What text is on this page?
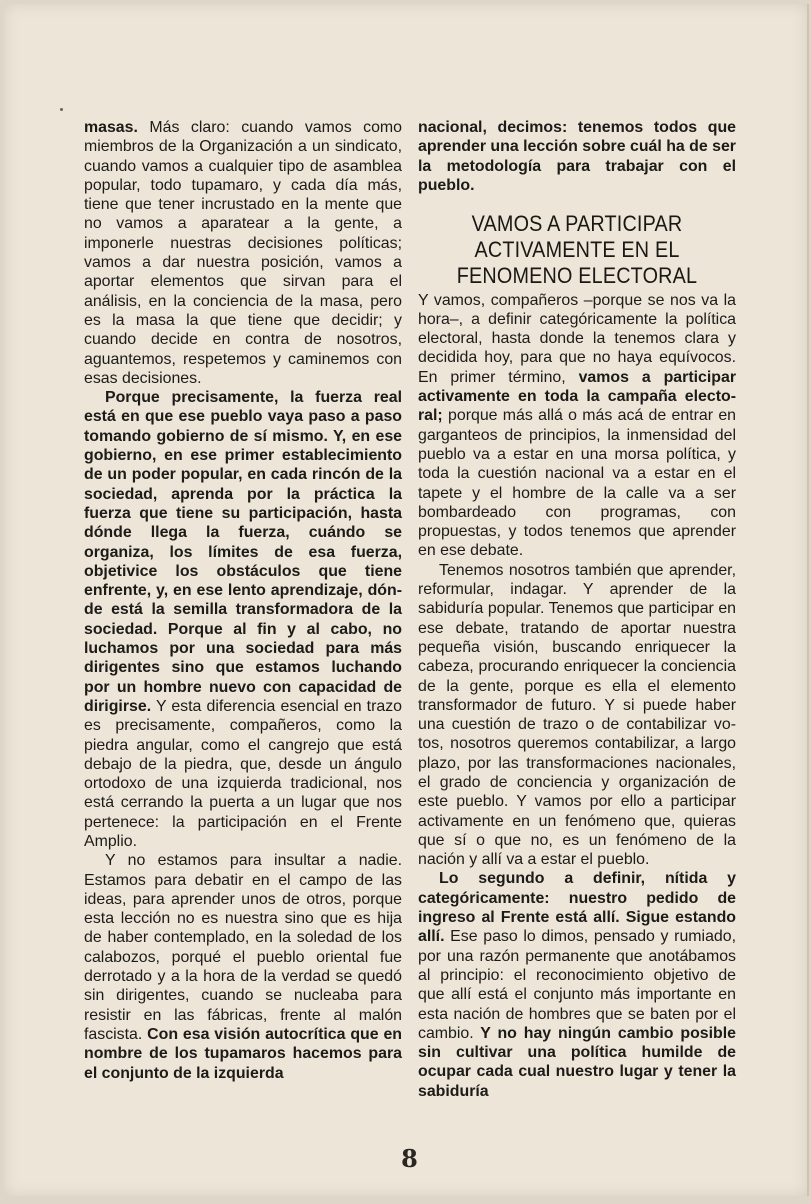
masas. Más claro: cuando vamos como miembros de la Organización a un sindicato, cuando vamos a cualquier tipo de asamblea popular, todo tupamaro, y cada día más, tiene que tener incrustado en la mente que no vamos a aparatear a la gente, a imponerle nuestras decisiones políticas; vamos a dar nuestra posición, vamos a aportar elementos que sirvan para el análisis, en la conciencia de la masa, pero es la masa la que tiene que decidir; y cuando decide en contra de nosotros, aguantemos, respetemos y caminemos con esas decisiones.

Porque precisamente, la fuerza real está en que ese pueblo vaya paso a paso tomando gobierno de sí mismo. Y, en ese gobierno, en ese primer establecimiento de un poder popular, en cada rincón de la sociedad, aprenda por la práctica la fuerza que tiene su participación, hasta dónde llega la fuerza, cuándo se organiza, los límites de esa fuerza, objetivice los obstáculos que tiene enfrente, y, en ese lento aprendizaje, dónde está la semilla transformadora de la sociedad. Porque al fin y al cabo, no luchamos por una sociedad para más dirigentes sino que estamos luchando por un hombre nuevo con capacidad de dirigirse. Y esta diferencia esencial en trazo es precisamente, compañeros, como la piedra angular, como el cangrejo que está debajo de la piedra, que, desde un ángulo ortodoxo de una izquierda tradicional, nos está cerrando la puerta a un lugar que nos pertenece: la participación en el Frente Amplio.

Y no estamos para insultar a nadie. Estamos para debatir en el campo de las ideas, para aprender unos de otros, porque esta lección no es nuestra sino que es hija de haber contemplado, en la soledad de los calabozos, porqué el pueblo oriental fue derrotado y a la hora de la verdad se quedó sin dirigentes, cuando se nucleaba para resistir en las fábricas, frente al malón fascista. Con esa visión autocrítica que en nombre de los tupamaros hacemos para el conjunto de la izquierda

nacional, decimos: tenemos todos que aprender una lección sobre cuál ha de ser la metodología para trabajar con el pueblo.

VAMOS A PARTICIPAR ACTIVAMENTE EN EL FENOMENO ELECTORAL

Y vamos, compañeros –porque se nos va la hora–, a definir categóricamente la política electoral, hasta donde la tenemos clara y decidida hoy, para que no haya equívocos. En primer término, vamos a participar activamente en toda la campaña electoral; porque más allá o más acá de entrar en garganteos de principios, la inmensidad del pueblo va a estar en una morsa política, y toda la cuestión nacional va a estar en el tapete y el hombre de la calle va a ser bombardeado con programas, con propuestas, y todos tenemos que aprender en ese debate.

Tenemos nosotros también que aprender, reformular, indagar. Y aprender de la sabiduría popular. Tenemos que participar en ese debate, tratando de aportar nuestra pequeña visión, buscando enriquecer la cabeza, procurando enriquecer la conciencia de la gente, porque es ella el elemento transformador de futuro. Y si puede haber una cuestión de trazo o de contabilizar votos, nosotros queremos contabilizar, a largo plazo, por las transformaciones nacionales, el grado de conciencia y organización de este pueblo. Y vamos por ello a participar activamente en un fenómeno que, quieras que sí o que no, es un fenómeno de la nación y allí va a estar el pueblo.

Lo segundo a definir, nítida y categóricamente: nuestro pedido de ingreso al Frente está allí. Sigue estando allí. Ese paso lo dimos, pensado y rumiado, por una razón permanente que anotábamos al principio: el reconocimiento objetivo de que allí está el conjunto más importante en esta nación de hombres que se baten por el cambio. Y no hay ningún cambio posible sin cultivar una política humilde de ocupar cada cual nuestro lugar y tener la sabiduría

8
